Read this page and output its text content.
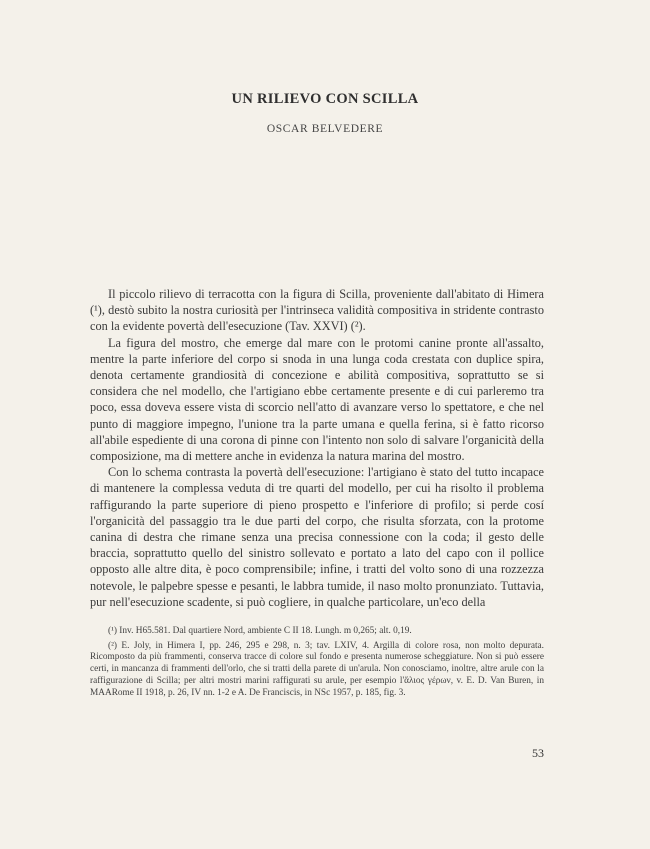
UN RILIEVO CON SCILLA
OSCAR BELVEDERE

Il piccolo rilievo di terracotta con la figura di Scilla, proveniente dall'abitato di Himera (¹), destò subito la nostra curiosità per l'intrinseca validità compositiva in stridente contrasto con la evidente povertà dell'esecuzione (Tav. XXVI) (²).

La figura del mostro, che emerge dal mare con le protomi canine pronte all'assalto, mentre la parte inferiore del corpo si snoda in una lunga coda crestata con duplice spira, denota certamente grandiosità di concezione e abilità compositiva, soprattutto se si considera che nel modello, che l'artigiano ebbe certamente presente e di cui parleremo tra poco, essa doveva essere vista di scorcio nell'atto di avanzare verso lo spettatore, e che nel punto di maggiore impegno, l'unione tra la parte umana e quella ferina, si è fatto ricorso all'abile espediente di una corona di pinne con l'intento non solo di salvare l'organicità della composizione, ma di mettere anche in evidenza la natura marina del mostro.

Con lo schema contrasta la povertà dell'esecuzione: l'artigiano è stato del tutto incapace di mantenere la complessa veduta di tre quarti del modello, per cui ha risolto il problema raffigurando la parte superiore di pieno prospetto e l'inferiore di profilo; si perde cosí l'organicità del passaggio tra le due parti del corpo, che risulta sforzata, con la protome canina di destra che rimane senza una precisa connessione con la coda; il gesto delle braccia, soprattutto quello del sinistro sollevato e portato a lato del capo con il pollice opposto alle altre dita, è poco comprensibile; infine, i tratti del volto sono di una rozzezza notevole, le palpebre spesse e pesanti, le labbra tumide, il naso molto pronunziato. Tuttavia, pur nell'esecuzione scadente, si può cogliere, in qualche particolare, un'eco della

(¹) Inv. H65.581. Dal quartiere Nord, ambiente C II 18. Lungh. m 0,265; alt. 0,19.

(²) E. Joly, in Himera I, pp. 246, 295 e 298, n. 3; tav. LXIV, 4. Argilla di colore rosa, non molto depurata. Ricomposto da più frammenti, conserva tracce di colore sul fondo e presenta numerose scheggiature. Non si può essere certi, in mancanza di frammenti dell'orlo, che si tratti della parete di un'arula. Non conosciamo, inoltre, altre arule con la raffigurazione di Scilla; per altri mostri marini raffigurati su arule, per esempio l'ἅλιος γέρων, v. E. D. Van Buren, in MAARome II 1918, p. 26, IV nn. 1-2 e A. De Franciscis, in NSc 1957, p. 185, fig. 3.

53
